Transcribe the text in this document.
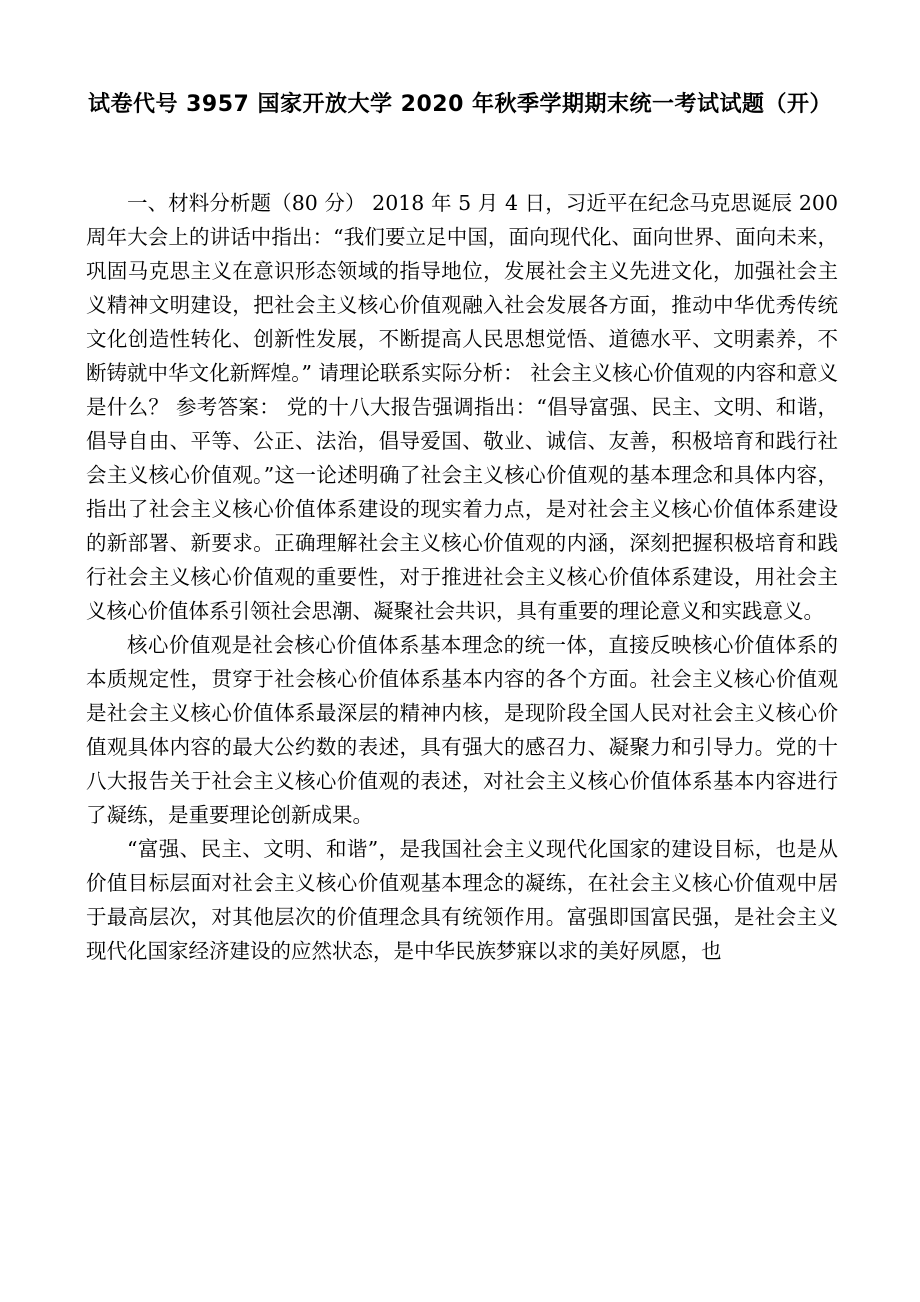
试卷代号 3957 国家开放大学 2020 年秋季学期期末统一考试试题（开）

一、材料分析题（80 分） 2018 年 5 月 4 日，习近平在纪念马克思诞辰 200 周年大会上的讲话中指出：“我们要立足中国，面向现代化、面向世界、面向未来，巩固马克思主义在意识形态领域的指导地位，发展社会主义先进文化，加强社会主义精神文明建设，把社会主义核心价值观融入社会发展各方面，推动中华优秀传统文化创造性转化、创新性发展，不断提高人民思想觉悟、道德水平、文明素养，不断铸就中华文化新辉煌。” 请理论联系实际分析： 社会主义核心价值观的内容和意义是什么？ 参考答案： 党的十八大报告强调指出：“倡导富强、民主、文明、和谐，倡导自由、平等、公正、法治，倡导爱国、敬业、诚信、友善，积极培育和践行社会主义核心价值观。”这一论述明确了社会主义核心价值观的基本理念和具体内容，指出了社会主义核心价值体系建设的现实着力点，是对社会主义核心价值体系建设的新部署、新要求。正确理解社会主义核心价值观的内涵，深刻把握积极培育和践行社会主义核心价值观的重要性，对于推进社会主义核心价值体系建设，用社会主义核心价值体系引领社会思潮、凝聚社会共识，具有重要的理论意义和实践意义。

核心价值观是社会核心价值体系基本理念的统一体，直接反映核心价值体系的本质规定性，贯穿于社会核心价值体系基本内容的各个方面。社会主义核心价值观是社会主义核心价值体系最深层的精神内核，是现阶段全国人民对社会主义核心价值观具体内容的最大公约数的表述，具有强大的感召力、凝聚力和引导力。党的十八大报告关于社会主义核心价值观的表述，对社会主义核心价值体系基本内容进行了凝练，是重要理论创新成果。

“富强、民主、文明、和谐”，是我国社会主义现代化国家的建设目标，也是从价值目标层面对社会主义核心价值观基本理念的凝练，在社会主义核心价值观中居于最高层次，对其他层次的价值理念具有统领作用。富强即国富民强，是社会主义现代化国家经济建设的应然状态，是中华民族梦寐以求的美好夙愿，也
